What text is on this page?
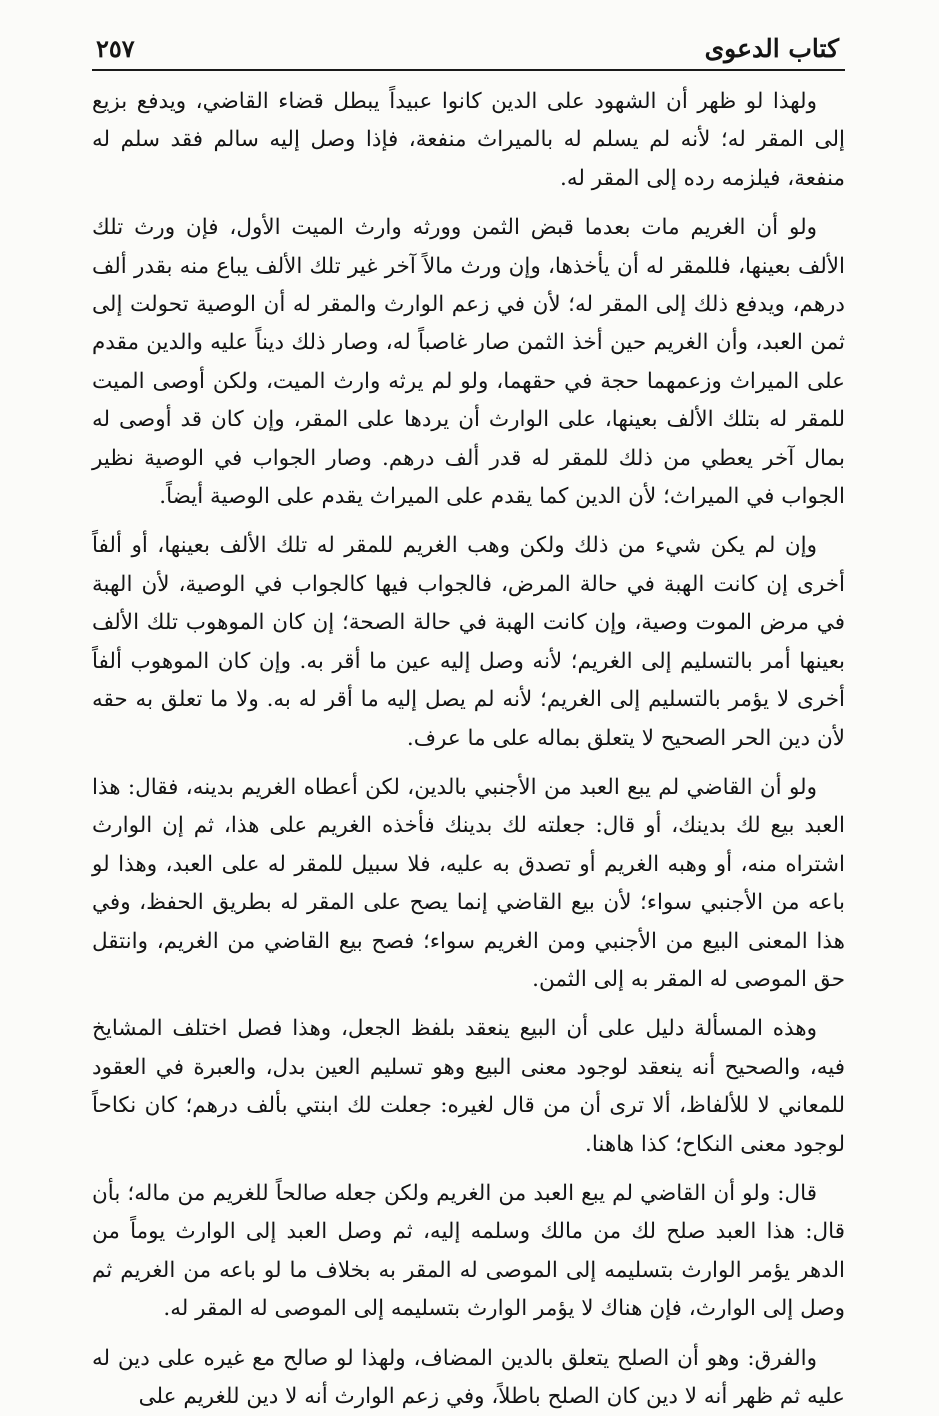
كتاب الدعوى
٢٥٧

ولهذا لو ظهر أن الشهود على الدين كانوا عبيداً يبطل قضاء القاضي، ويدفع بزيع إلى المقر له؛ لأنه لم يسلم له بالميراث منفعة، فإذا وصل إليه سالم فقد سلم له منفعة، فيلزمه رده إلى المقر له.

ولو أن الغريم مات بعدما قبض الثمن وورثه وارث الميت الأول، فإن ورث تلك الألف بعينها، فللمقر له أن يأخذها، وإن ورث مالاً آخر غير تلك الألف يباع منه بقدر ألف درهم، ويدفع ذلك إلى المقر له؛ لأن في زعم الوارث والمقر له أن الوصية تحولت إلى ثمن العبد، وأن الغريم حين أخذ الثمن صار غاصباً له، وصار ذلك ديناً عليه والدين مقدم على الميراث وزعمهما حجة في حقهما، ولو لم يرثه وارث الميت، ولكن أوصى الميت للمقر له بتلك الألف بعينها، على الوارث أن يردها على المقر، وإن كان قد أوصى له بمال آخر يعطي من ذلك للمقر له قدر ألف درهم. وصار الجواب في الوصية نظير الجواب في الميراث؛ لأن الدين كما يقدم على الميراث يقدم على الوصية أيضاً.

وإن لم يكن شيء من ذلك ولكن وهب الغريم للمقر له تلك الألف بعينها، أو ألفاً أخرى إن كانت الهبة في حالة المرض، فالجواب فيها كالجواب في الوصية، لأن الهبة في مرض الموت وصية، وإن كانت الهبة في حالة الصحة؛ إن كان الموهوب تلك الألف بعينها أمر بالتسليم إلى الغريم؛ لأنه وصل إليه عين ما أقر به. وإن كان الموهوب ألفاً أخرى لا يؤمر بالتسليم إلى الغريم؛ لأنه لم يصل إليه ما أقر له به. ولا ما تعلق به حقه لأن دين الحر الصحيح لا يتعلق بماله على ما عرف.

ولو أن القاضي لم يبع العبد من الأجنبي بالدين، لكن أعطاه الغريم بدينه، فقال: هذا العبد بيع لك بدينك، أو قال: جعلته لك بدينك فأخذه الغريم على هذا، ثم إن الوارث اشتراه منه، أو وهبه الغريم أو تصدق به عليه، فلا سبيل للمقر له على العبد، وهذا لو باعه من الأجنبي سواء؛ لأن بيع القاضي إنما يصح على المقر له بطريق الحفظ، وفي هذا المعنى البيع من الأجنبي ومن الغريم سواء؛ فصح بيع القاضي من الغريم، وانتقل حق الموصى له المقر به إلى الثمن.

وهذه المسألة دليل على أن البيع ينعقد بلفظ الجعل، وهذا فصل اختلف المشايخ فيه، والصحيح أنه ينعقد لوجود معنى البيع وهو تسليم العين بدل، والعبرة في العقود للمعاني لا للألفاظ، ألا ترى أن من قال لغيره: جعلت لك ابنتي بألف درهم؛ كان نكاحاً لوجود معنى النكاح؛ كذا هاهنا.

قال: ولو أن القاضي لم يبع العبد من الغريم ولكن جعله صالحاً للغريم من ماله؛ بأن قال: هذا العبد صلح لك من مالك وسلمه إليه، ثم وصل العبد إلى الوارث يوماً من الدهر يؤمر الوارث بتسليمه إلى الموصى له المقر به بخلاف ما لو باعه من الغريم ثم وصل إلى الوارث، فإن هناك لا يؤمر الوارث بتسليمه إلى الموصى له المقر له.

والفرق: وهو أن الصلح يتعلق بالدين المضاف، ولهذا لو صالح مع غيره على دين له عليه ثم ظهر أنه لا دين كان الصلح باطلاً، وفي زعم الوارث أنه لا دين للغريم على
